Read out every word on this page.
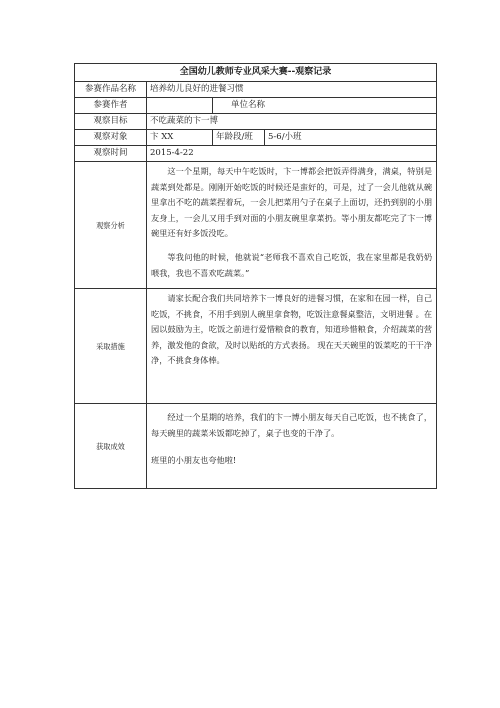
全国幼儿教师专业风采大赛--观察记录			
参赛作品名称	培养幼儿良好的进餐习惯		
参赛作者		单位名称	
观察目标	不吃蔬菜的卞一博		
观察对象	卞 XX	年龄段/班	5-6/小班
观察时间	2015-4-22		
观察分析	这一个星期，每天中午吃饭时，卞一博都会把饭弄得满身，满桌，特别是蔬菜到处都是。刚刚开始吃饭的时候还是蛮好的，可是，过了一会儿他就从碗里拿出不吃的蔬菜捏着玩，一会儿把菜用勺子在桌子上面切，还扔到别的小朋友身上，一会儿又用手到对面的小朋友碗里拿菜扔。等小朋友都吃完了卞一博碗里还有好多饭没吃。
等我问他的时候，他就说“老师我不喜欢自己吃饭，我在家里都是我奶奶喂我，我也不喜欢吃蔬菜。”		

采取措施	请家长配合我们共同培养卞一博良好的进餐习惯，在家和在园一样，自己吃饭，不挑食，不用手到别人碗里拿食物，吃饭注意餐桌整洁，文明进餐 。在园以鼓励为主，吃饭之前进行爱惜粮食的教育，知道珍惜粮食，介绍蔬菜的营养，激发他的食欲，及时以贴纸的方式表扬。 现在天天碗里的饭菜吃的干干净净，不挑食身体棒。		

获取成效	经过一个星期的培养，我们的卞一博小朋友每天自己吃饭，也不挑食了，每天碗里的蔬菜米饭都吃掉了，桌子也变的干净了。
班里的小朋友也夸他啦!		
